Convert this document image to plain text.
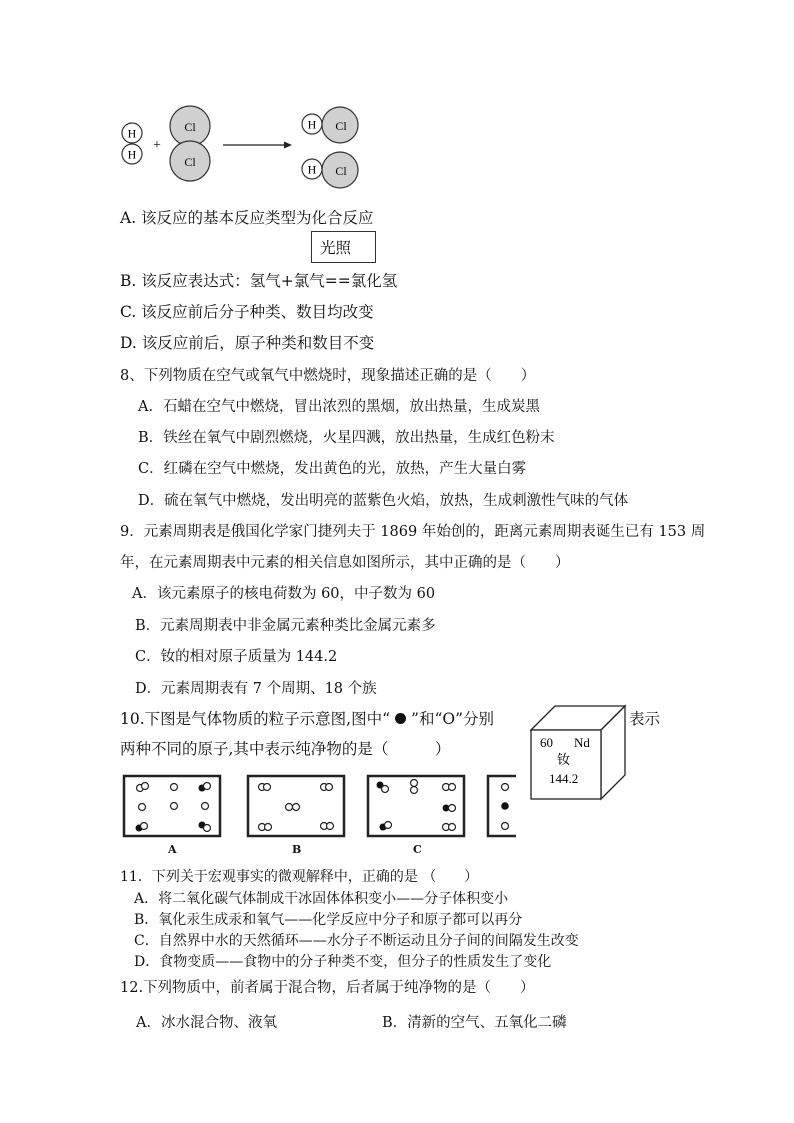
H
H
+
Cl
Cl
Cl
H
Cl
H
A. 该反应的基本反应类型为化合反应
光照
B. 该反应表达式：氢气+氯气==氯化氢
C. 该反应前后分子种类、数目均改变
D. 该反应前后，原子种类和数目不变
8、下列物质在空气或氧气中燃烧时，现象描述正确的是（　　）
A．石蜡在空气中燃烧，冒出浓烈的黑烟，放出热量，生成炭黑
B．铁丝在氧气中剧烈燃烧，火星四溅，放出热量，生成红色粉末
C．红磷在空气中燃烧，发出黄色的光，放热，产生大量白雾
D．硫在氧气中燃烧，发出明亮的蓝紫色火焰，放热，生成刺激性气味的气体
9．元素周期表是俄国化学家门捷列夫于 1869 年始创的，距离元素周期表诞生已有 153 周
年，在元素周期表中元素的相关信息如图所示，其中正确的是（　　）
A．该元素原子的核电荷数为 60，中子数为 60
B．元素周期表中非金属元素种类比金属元素多
C．钕的相对原子质量为 144.2
D．元素周期表有 7 个周期、18 个族
10.下图是气体物质的粒子示意图,图中“ ”和“O”分别	表示
两种不同的原子,其中表示纯净物的是（　　　）	60 Nd
钕
144.2
A	B	C
11．下列关于宏观事实的微观解释中，正确的是 （　　）
A．将二氧化碳气体制成干冰固体体积变小——分子体积变小
B．氧化汞生成汞和氧气——化学反应中分子和原子都可以再分
C．自然界中水的天然循环——水分子不断运动且分子间的间隔发生改变
D．食物变质——食物中的分子种类不变，但分子的性质发生了变化
12.下列物质中，前者属于混合物，后者属于纯净物的是（　　）
A．冰水混合物、液氧	B．清新的空气、五氧化二磷
